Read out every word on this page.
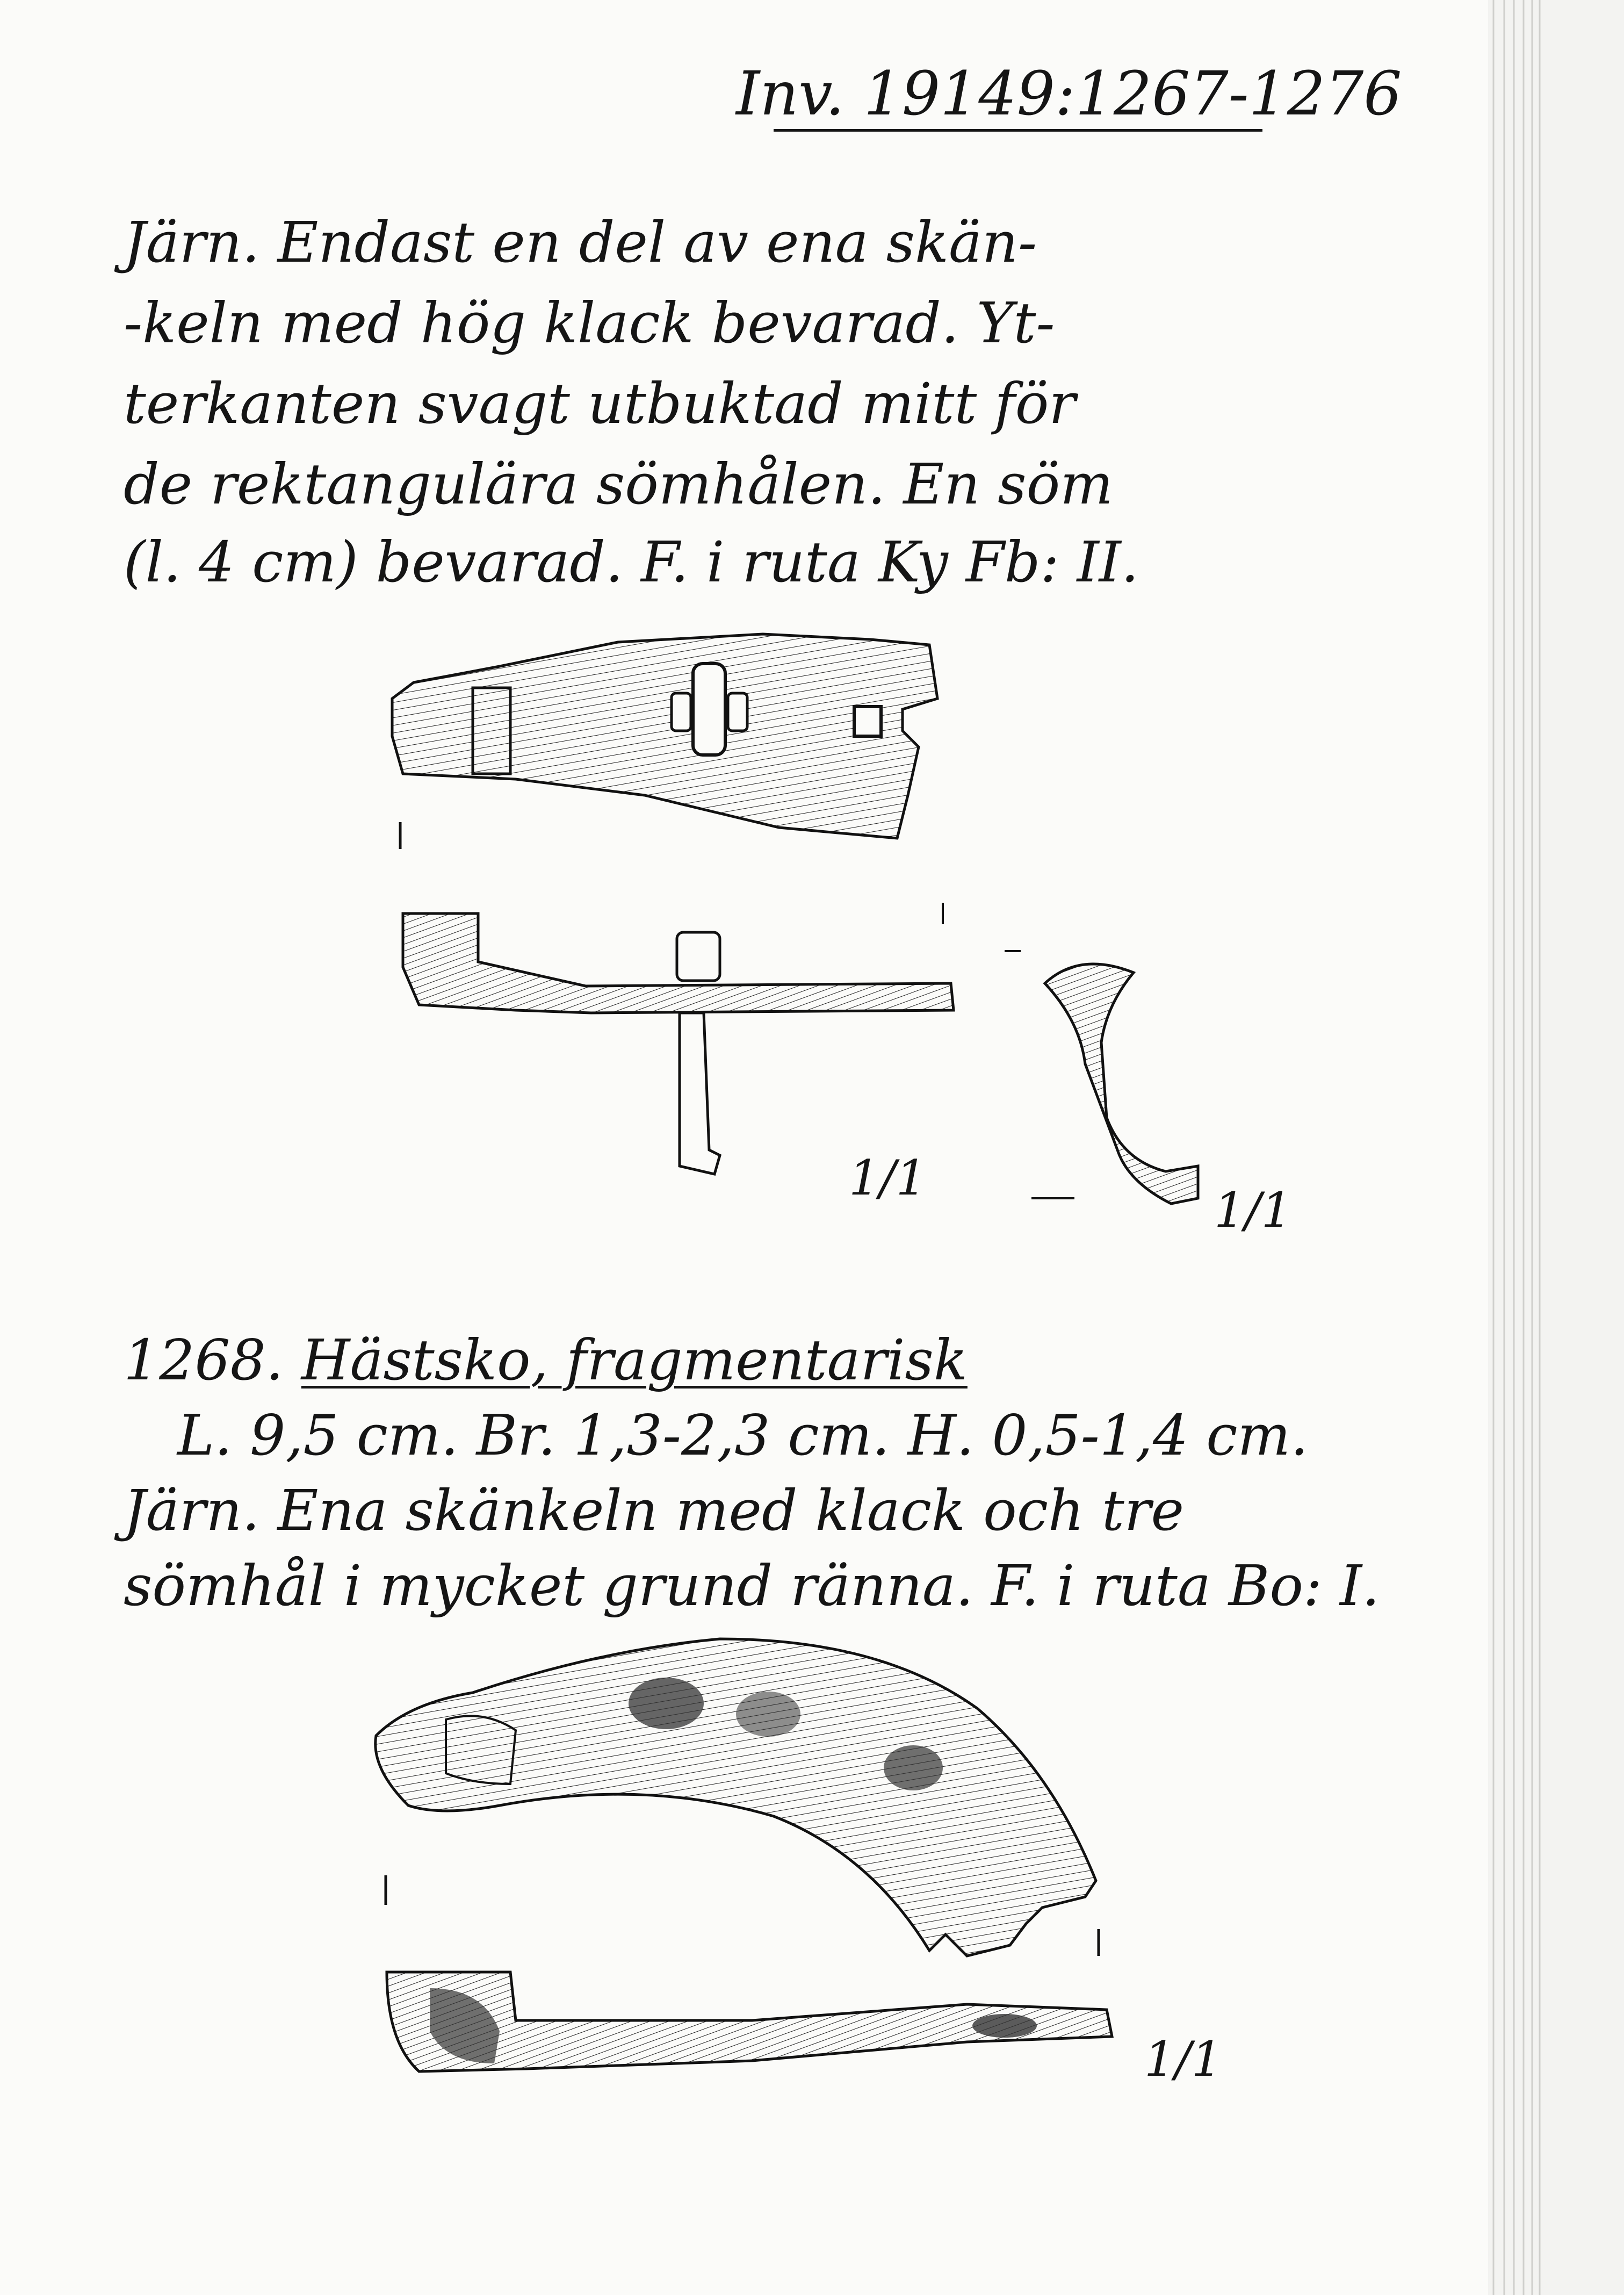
Inv. 19149:1267-1276
Järn. Endast en del av ena skän-
-keln med hög klack bevarad. Yt-
terkanten svagt utbuktad mitt för
de rektangulära sömhålen. En söm
(l. 4 cm) bevarad. F. i ruta Ky Fb: II.
1/1
1/1
1268. Hästsko, fragmentarisk
L. 9,5 cm. Br. 1,3-2,3 cm. H. 0,5-1,4 cm.
Järn. Ena skänkeln med klack och tre
sömhål i mycket grund ränna. F. i ruta Bo: I.
1/1
